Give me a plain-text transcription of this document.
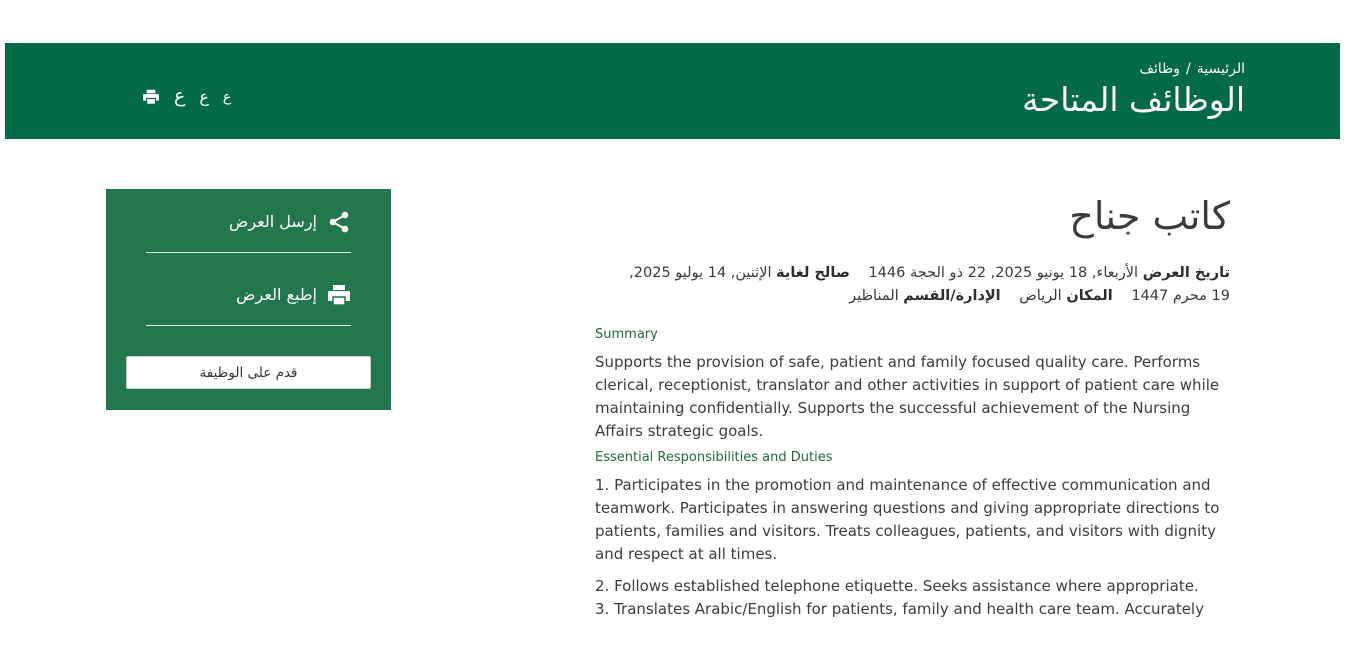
الرئيسية/وظائف
الوظائف المتاحة
ع ع ع
إرسل العرض
إطبع العرض
قدم على الوظيفة
كاتب جناح
تاريخ العرض الأربعاء, 18 يونيو 2025, 22 ذو الحجة 1446 صالح لغاية الإثنين, 14 يوليو 2025, 19 محرم 1447 المكان الرياض الإدارة/القسم المناظير
Summary

Supports the provision of safe, patient and family focused quality care. Performs clerical, receptionist, translator and other activities in support of patient care while maintaining confidentially. Supports the successful achievement of the Nursing Affairs strategic goals.

Essential Responsibilities and Duties

1. Participates in the promotion and maintenance of effective communication and teamwork. Participates in answering questions and giving appropriate directions to patients, families and visitors. Treats colleagues, patients, and visitors with dignity and respect at all times.

2. Follows established telephone etiquette. Seeks assistance where appropriate.

3. Translates Arabic/English for patients, family and health care team. Accurately
